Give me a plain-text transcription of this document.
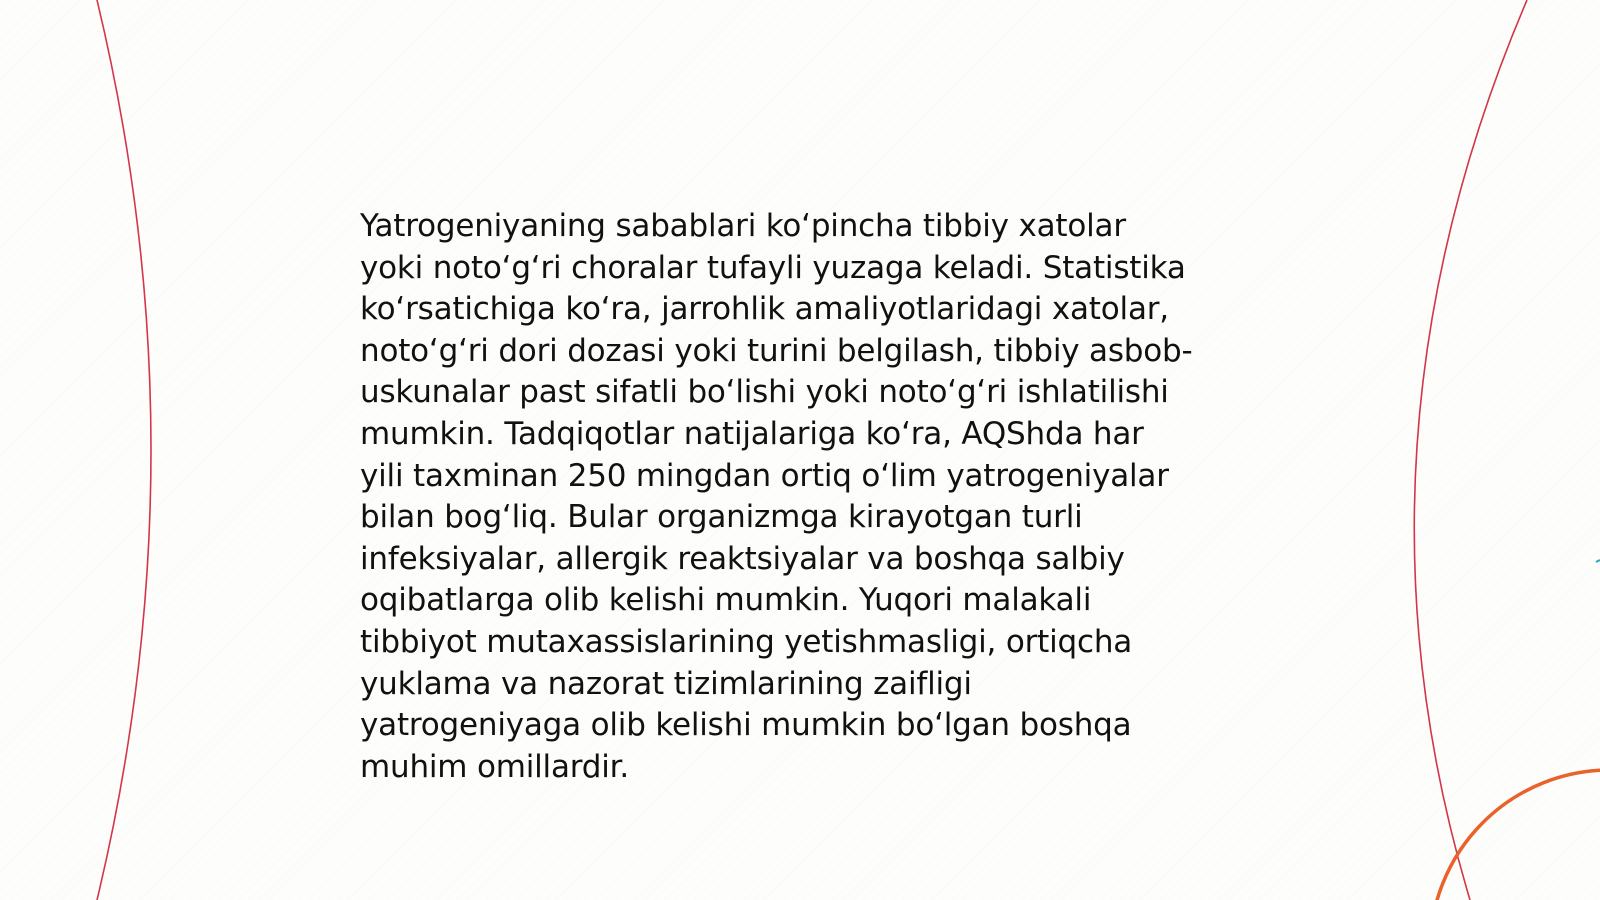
Yatrogeniyaning sabablari koʻpincha tibbiy xatolar
yoki notoʻgʻri choralar tufayli yuzaga keladi. Statistika
koʻrsatichiga koʻra, jarrohlik amaliyotlaridagi xatolar,
notoʻgʻri dori dozasi yoki turini belgilash, tibbiy asbob-
uskunalar past sifatli boʻlishi yoki notoʻgʻri ishlatilishi
mumkin. Tadqiqotlar natijalariga koʻra, AQShda har
yili taxminan 250 mingdan ortiq oʻlim yatrogeniyalar
bilan bogʻliq. Bular organizmga kirayotgan turli
infeksiyalar, allergik reaktsiyalar va boshqa salbiy
oqibatlarga olib kelishi mumkin. Yuqori malakali
tibbiyot mutaxassislarining yetishmasligi, ortiqcha
yuklama va nazorat tizimlarining zaifligi
yatrogeniyaga olib kelishi mumkin boʻlgan boshqa
muhim omillardir.
